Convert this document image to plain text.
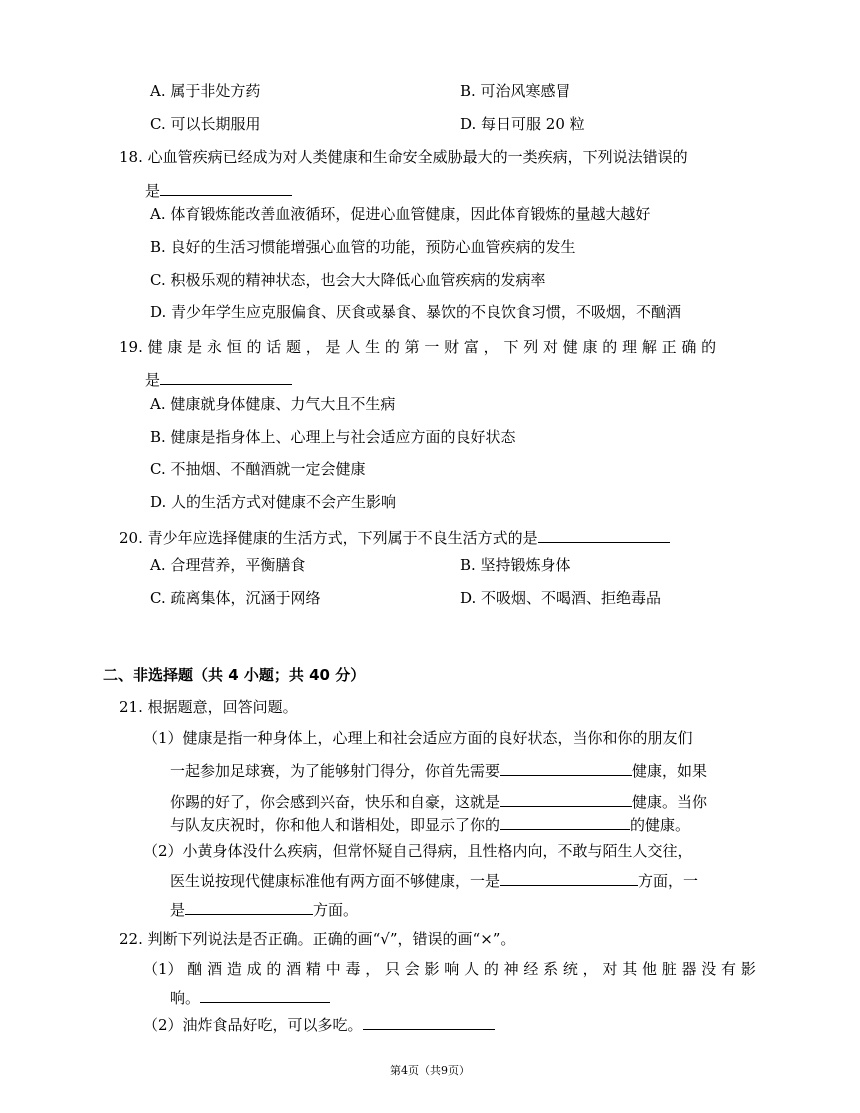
A. 属于非处方药	B. 可治风寒感冒
C. 可以长期服用	D. 每日可服 20 粒
18. 心血管疾病已经成为对人类健康和生命安全威胁最大的一类疾病，下列说法错误的
是
A. 体育锻炼能改善血液循环，促进心血管健康，因此体育锻炼的量越大越好
B. 良好的生活习惯能增强心血管的功能，预防心血管疾病的发生
C. 积极乐观的精神状态，也会大大降低心血管疾病的发病率
D. 青少年学生应克服偏食、厌食或暴食、暴饮的不良饮食习惯，不吸烟，不酗酒
19. 健 康 是 永 恒 的 话 题 ， 是 人 生 的 第 一 财 富 ， 下 列 对 健 康 的 理 解 正 确 的
是
A. 健康就身体健康、力气大且不生病
B. 健康是指身体上、心理上与社会适应方面的良好状态
C. 不抽烟、不酗酒就一定会健康
D. 人的生活方式对健康不会产生影响
20. 青少年应选择健康的生活方式，下列属于不良生活方式的是
A. 合理营养，平衡膳食	B. 坚持锻炼身体
C. 疏离集体，沉涵于网络	D. 不吸烟、不喝酒、拒绝毒品
二、非选择题（共 4 小题；共 40 分）
21. 根据题意，回答问题。
（1）健康是指一种身体上，心理上和社会适应方面的良好状态，当你和你的朋友们
一起参加足球赛，为了能够射门得分，你首先需要	健康，如果
你踢的好了，你会感到兴奋，快乐和自豪，这就是	健康。当你
与队友庆祝时，你和他人和谐相处，即显示了你的	的健康。
（2）小黄身体没什么疾病，但常怀疑自己得病，且性格内向，不敢与陌生人交往，
医生说按现代健康标准他有两方面不够健康，一是	方面，一
是	方面。
22. 判断下列说法是否正确。正确的画“√”，错误的画“×”。
（1） 酗 酒 造 成 的 酒 精 中 毒 ， 只 会 影 响 人 的 神 经 系 统 ， 对 其 他 脏 器 没 有 影
响。
（2）油炸食品好吃，可以多吃。
第4页（共9页）
